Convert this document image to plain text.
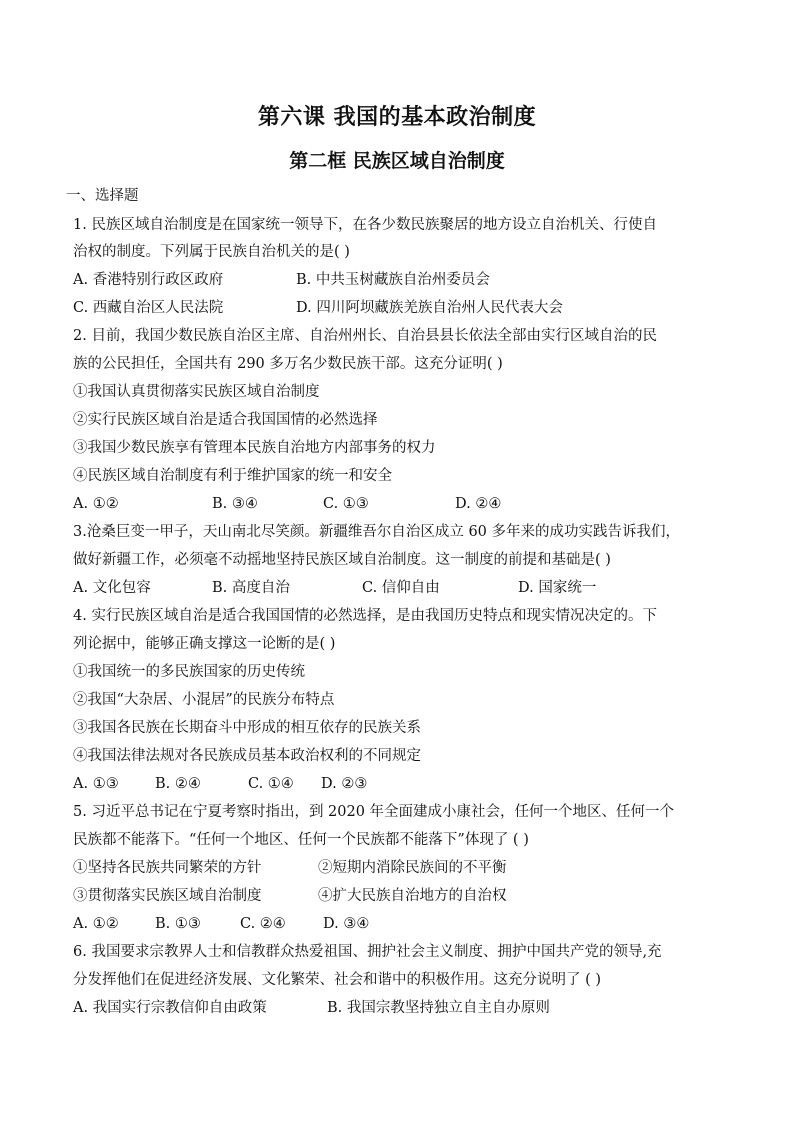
第六课 我国的基本政治制度
第二框 民族区域自治制度
一、选择题
1. 民族区域自治制度是在国家统一领导下，在各少数民族聚居的地方设立自治机关、行使自
治权的制度。下列属于民族自治机关的是( )
A. 香港特别行政区政府	B. 中共玉树藏族自治州委员会
C. 西藏自治区人民法院	D. 四川阿坝藏族羌族自治州人民代表大会
2. 目前，我国少数民族自治区主席、自治州州长、自治县县长依法全部由实行区域自治的民
族的公民担任，全国共有 290 多万名少数民族干部。这充分证明( )
①我国认真贯彻落实民族区域自治制度
②实行民族区域自治是适合我国国情的必然选择
③我国少数民族享有管理本民族自治地方内部事务的权力
④民族区域自治制度有利于维护国家的统一和安全
A. ①②	B. ③④	C. ①③	D. ②④
3.沧桑巨变一甲子，天山南北尽笑颜。新疆维吾尔自治区成立 60 多年来的成功实践告诉我们，
做好新疆工作，必须毫不动摇地坚持民族区域自治制度。这一制度的前提和基础是( )
A. 文化包容	B. 高度自治	C. 信仰自由	D. 国家统一
4. 实行民族区域自治是适合我国国情的必然选择，是由我国历史特点和现实情况决定的。下
列论据中，能够正确支撑这一论断的是( )
①我国统一的多民族国家的历史传统
②我国“大杂居、小混居”的民族分布特点
③我国各民族在长期奋斗中形成的相互依存的民族关系
④我国法律法规对各民族成员基本政治权利的不同规定
A. ①③	B. ②④	C. ①④ D. ②③
5. 习近平总书记在宁夏考察时指出，到 2020 年全面建成小康社会，任何一个地区、任何一个
民族都不能落下。“任何一个地区、任何一个民族都不能落下”体现了 ( )
①坚持各民族共同繁荣的方针	②短期内消除民族间的不平衡
③贯彻落实民族区域自治制度	④扩大民族自治地方的自治权
A. ①②	B. ①③	C. ②④	D. ③④
6. 我国要求宗教界人士和信教群众热爱祖国、拥护社会主义制度、拥护中国共产党的领导,充
分发挥他们在促进经济发展、文化繁荣、社会和谐中的积极作用。这充分说明了 ( )
A. 我国实行宗教信仰自由政策	B. 我国宗教坚持独立自主自办原则
